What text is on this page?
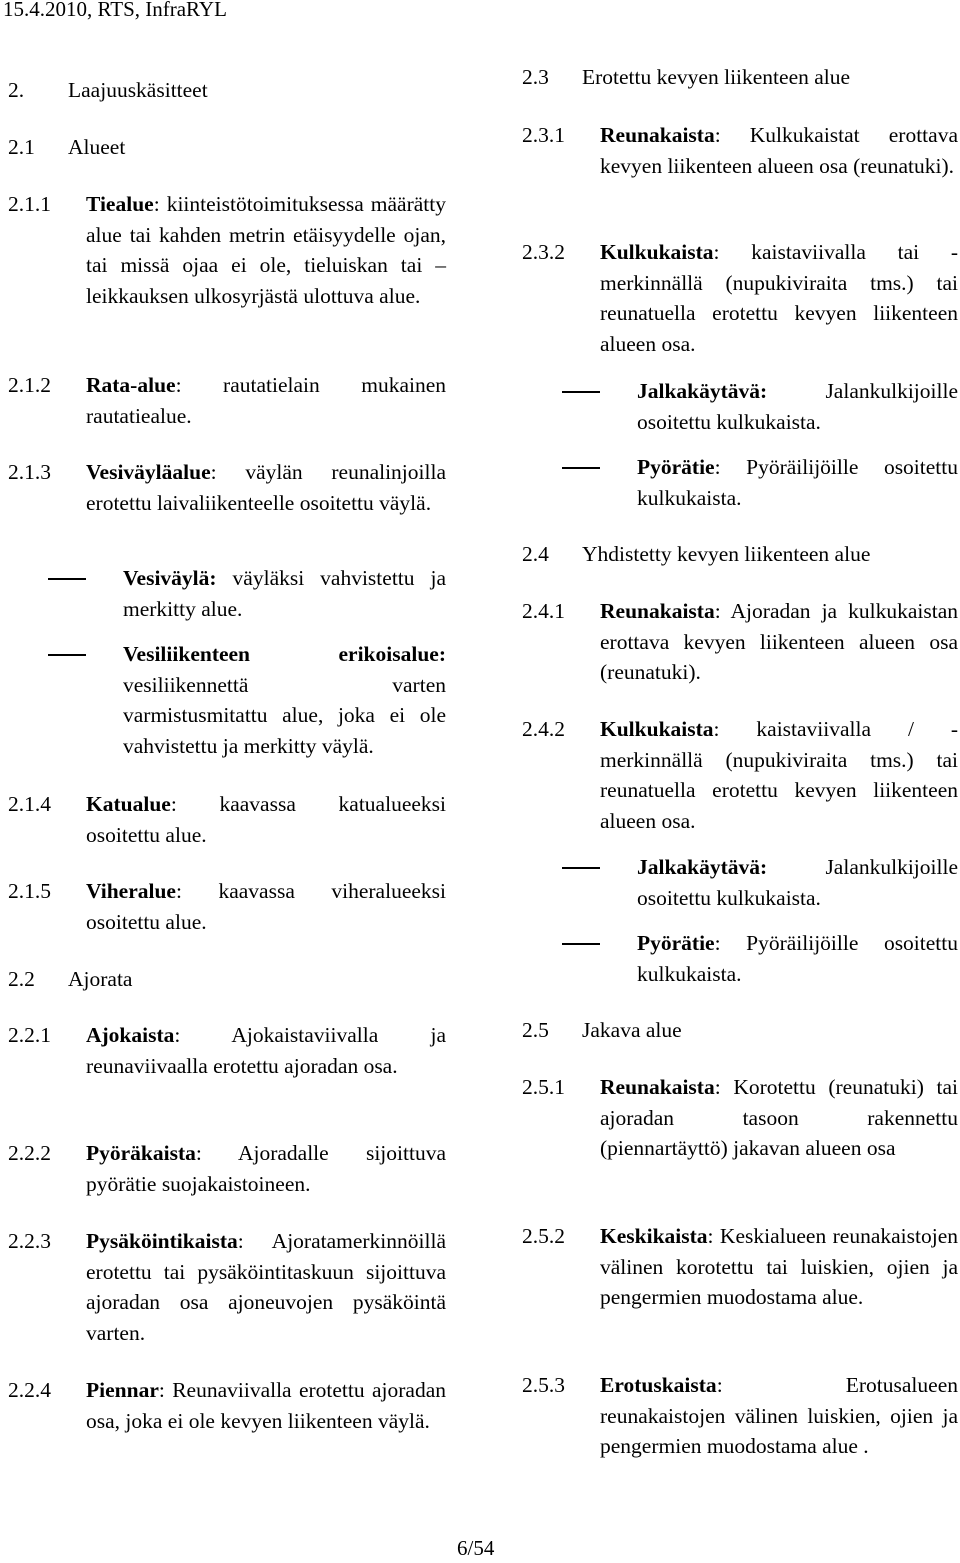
15.4.2010, RTS, InfraRYL
2. Laajuuskäsitteet
2.1 Alueet
2.1.1 Tiealue: kiinteistötoimituksessa määrätty alue tai kahden metrin etäisyydelle ojan, tai missä ojaa ei ole, tieluiskan tai –leikkauksen ulkosyrjästä ulottuva alue.
2.1.2 Rata-alue: rautatielain mukainen rautatiealue.
2.1.3 Vesiväyläalue: väylän reunalinjoilla erotettu laivaliikenteelle osoitettu väylä.
Vesiväylä: väyläksi vahvistettu ja merkitty alue.
Vesiliikenteen erikoisalue: vesiliikennettä varten varmistusmitattu alue, joka ei ole vahvistettu ja merkitty väylä.
2.1.4 Katualue: kaavassa katualueeksi osoitettu alue.
2.1.5 Viheralue: kaavassa viheralueeksi osoitettu alue.
2.2 Ajorata
2.2.1 Ajokaista: Ajokaistaviivalla ja reunaviivaalla erotettu ajoradan osa.
2.2.2 Pyöräkaista: Ajoradalle sijoittuva pyörätie suojakaistoineen.
2.2.3 Pysäköintikaista: Ajoratamerkinnöillä erotettu tai pysäköintitaskuun sijoittuva ajoradan osa ajoneuvojen pysäköintä varten.
2.2.4 Piennar: Reunaviivalla erotettu ajoradan osa, joka ei ole kevyen liikenteen väylä.
2.3 Erotettu kevyen liikenteen alue
2.3.1 Reunakaista: Kulkukaistat erottava kevyen liikenteen alueen osa (reunatuki).
2.3.2 Kulkukaista: kaistaviivalla tai -merkinnällä (nupukiviraita tms.) tai reunatuella erotettu kevyen liikenteen alueen osa.
Jalkakäytävä: Jalankulkijoille osoitettu kulkukaista.
Pyörätie: Pyöräilijöille osoitettu kulkukaista.
2.4 Yhdistetty kevyen liikenteen alue
2.4.1 Reunakaista: Ajoradan ja kulkukaistan erottava kevyen liikenteen alueen osa (reunatuki).
2.4.2 Kulkukaista: kaistaviivalla / -merkinnällä (nupukiviraita tms.) tai reunatuella erotettu kevyen liikenteen alueen osa.
Jalkakäytävä: Jalankulkijoille osoitettu kulkukaista.
Pyörätie: Pyöräilijöille osoitettu kulkukaista.
2.5 Jakava alue
2.5.1 Reunakaista: Korotettu (reunatuki) tai ajoradan tasoon rakennettu (piennartäyttö) jakavan alueen osa
2.5.2 Keskikaista: Keskialueen reunakaistojen välinen korotettu tai luiskien, ojien ja pengermien muodostama alue.
2.5.3 Erotuskaista: Erotusalueen reunakaistojen välinen luiskien, ojien ja pengermien muodostama alue .
6/54
